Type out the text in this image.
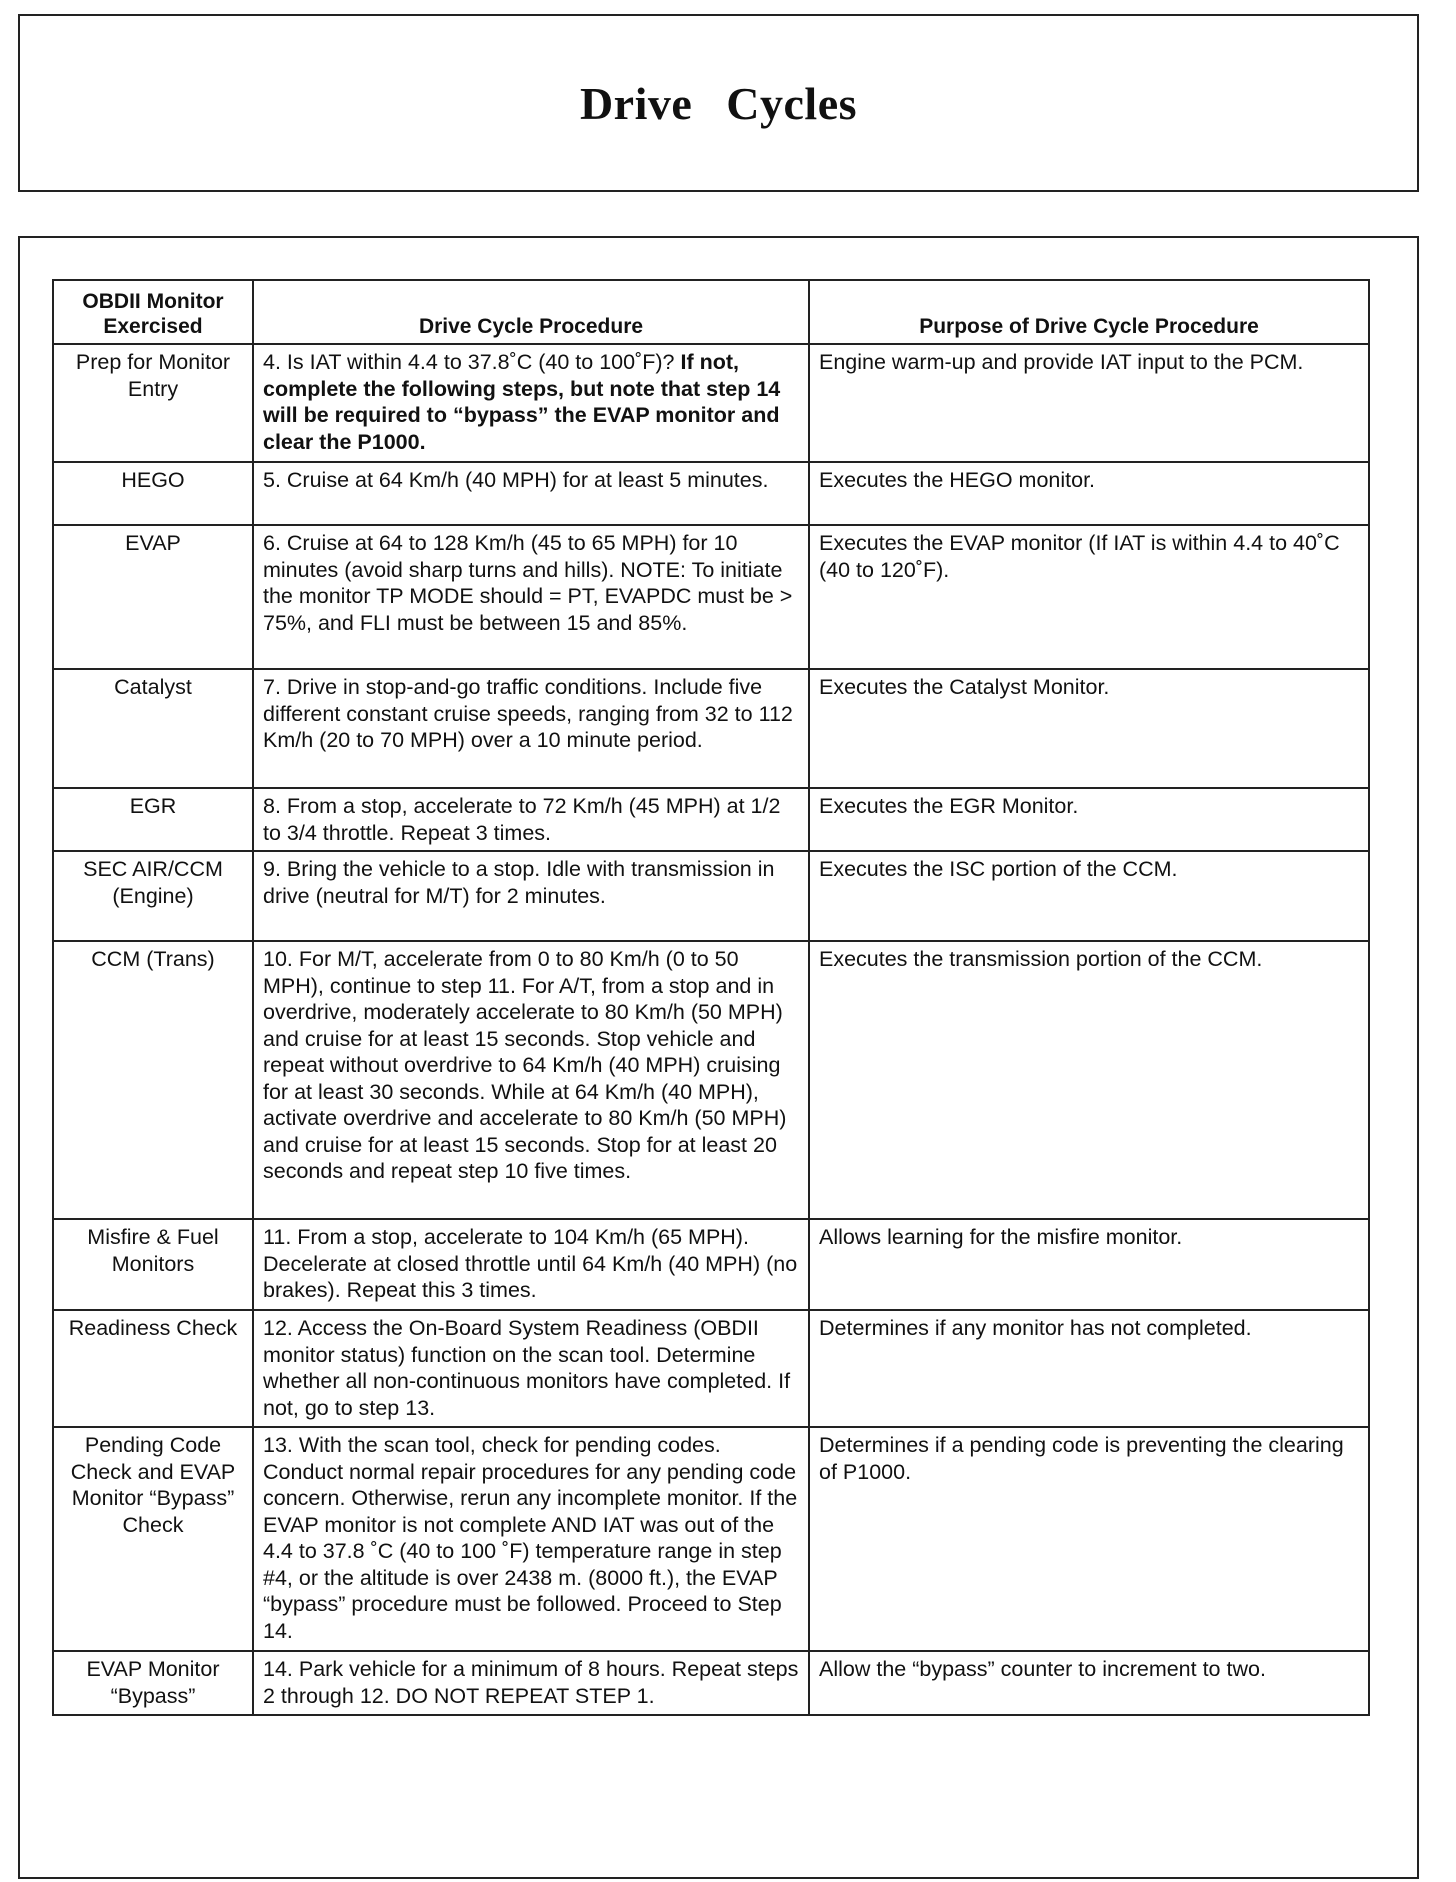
Drive Cycles
OBDII Monitor Exercised	Drive Cycle Procedure	Purpose of Drive Cycle Procedure
Prep for Monitor Entry	4. Is IAT within 4.4 to 37.8˚C (40 to 100˚F)? If not, complete the following steps, but note that step 14 will be required to “bypass” the EVAP monitor and clear the P1000.	Engine warm-up and provide IAT input to the PCM.
HEGO	5. Cruise at 64 Km/h (40 MPH) for at least 5 minutes.	Executes the HEGO monitor.
EVAP	6. Cruise at 64 to 128 Km/h (45 to 65 MPH) for 10 minutes (avoid sharp turns and hills). NOTE: To initiate the monitor TP MODE should = PT, EVAPDC must be > 75%, and FLI must be between 15 and 85%.	Executes the EVAP monitor (If IAT is within 4.4 to 40˚C (40 to 120˚F).
Catalyst	7. Drive in stop-and-go traffic conditions. Include five different constant cruise speeds, ranging from 32 to 112 Km/h (20 to 70 MPH) over a 10 minute period.	Executes the Catalyst Monitor.
EGR	8. From a stop, accelerate to 72 Km/h (45 MPH) at 1/2 to 3/4 throttle. Repeat 3 times.	Executes the EGR Monitor.
SEC AIR/CCM (Engine)	9. Bring the vehicle to a stop. Idle with transmission in drive (neutral for M/T) for 2 minutes.	Executes the ISC portion of the CCM.
CCM (Trans)	10. For M/T, accelerate from 0 to 80 Km/h (0 to 50 MPH), continue to step 11. For A/T, from a stop and in overdrive, moderately accelerate to 80 Km/h (50 MPH) and cruise for at least 15 seconds. Stop vehicle and repeat without overdrive to 64 Km/h (40 MPH) cruising for at least 30 seconds. While at 64 Km/h (40 MPH), activate overdrive and accelerate to 80 Km/h (50 MPH) and cruise for at least 15 seconds. Stop for at least 20 seconds and repeat step 10 five times.	Executes the transmission portion of the CCM.
Misfire & Fuel Monitors	11. From a stop, accelerate to 104 Km/h (65 MPH). Decelerate at closed throttle until 64 Km/h (40 MPH) (no brakes). Repeat this 3 times.	Allows learning for the misfire monitor.
Readiness Check	12. Access the On-Board System Readiness (OBDII monitor status) function on the scan tool. Determine whether all non-continuous monitors have completed. If not, go to step 13.	Determines if any monitor has not completed.
Pending Code Check and EVAP Monitor “Bypass” Check	13. With the scan tool, check for pending codes. Conduct normal repair procedures for any pending code concern. Otherwise, rerun any incomplete monitor. If the EVAP monitor is not complete AND IAT was out of the 4.4 to 37.8 ˚C (40 to 100 ˚F) temperature range in step #4, or the altitude is over 2438 m. (8000 ft.), the EVAP “bypass” procedure must be followed. Proceed to Step 14.	Determines if a pending code is preventing the clearing of P1000.
EVAP Monitor “Bypass”	14. Park vehicle for a minimum of 8 hours. Repeat steps 2 through 12. DO NOT REPEAT STEP 1.	Allow the “bypass” counter to increment to two.
